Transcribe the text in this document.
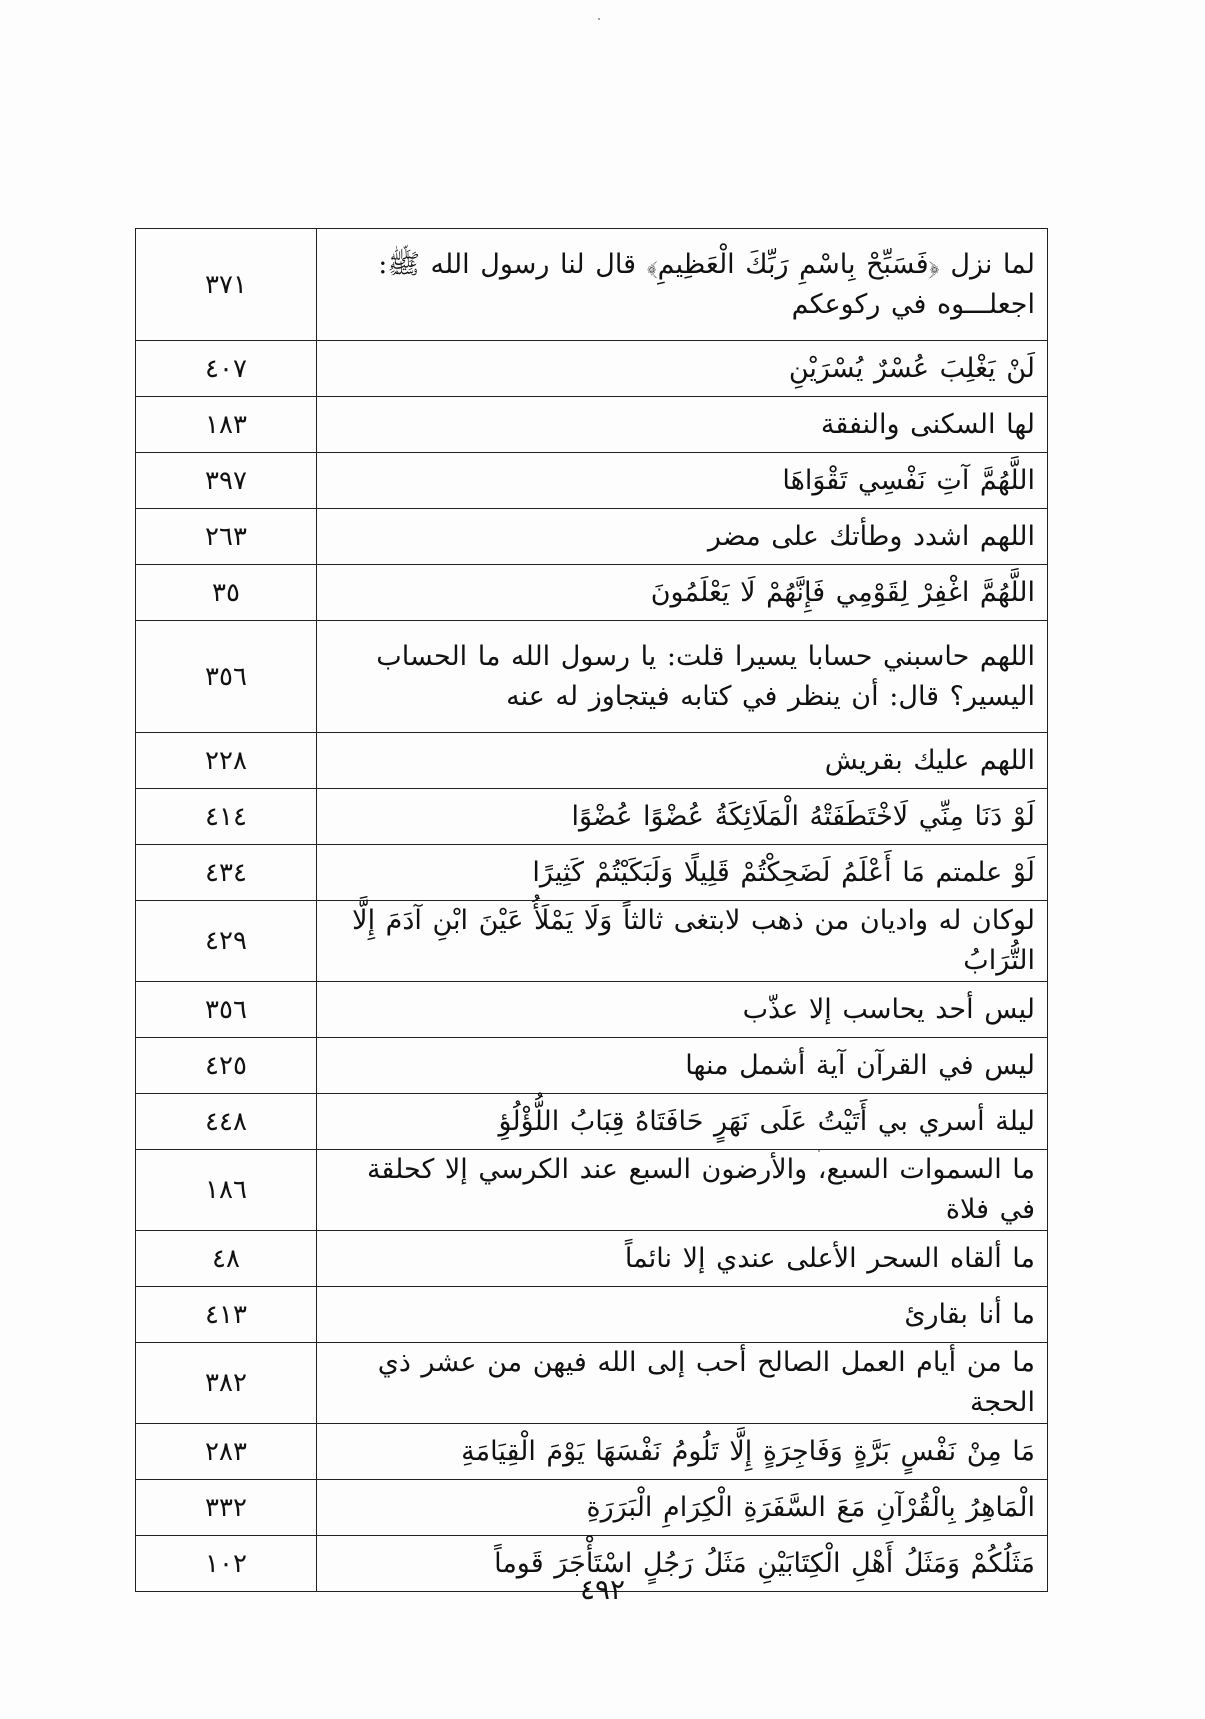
لما نزل ﴿فَسَبِّحْ بِاسْمِ رَبِّكَ الْعَظِيمِ﴾ قال لنا رسول الله ﷺ: اجعلـــوه في ركوعكم	٣٧١
لَنْ يَغْلِبَ عُسْرٌ يُسْرَيْنِ	٤٠٧
لها السكنى والنفقة	١٨٣
اللَّهُمَّ آتِ نَفْسِي تَقْوَاهَا	٣٩٧
اللهم اشدد وطأتك على مضر	٢٦٣
اللَّهُمَّ اغْفِرْ لِقَوْمِي فَإِنَّهُمْ لَا يَعْلَمُونَ	٣٥
اللهم حاسبني حسابا يسيرا قلت: يا رسول الله ما الحساب اليسير؟ قال: أن ينظر في كتابه فيتجاوز له عنه	٣٥٦
اللهم عليك بقريش	٢٢٨
لَوْ دَنَا مِنِّي لَاخْتَطَفَتْهُ الْمَلَائِكَةُ عُضْوًا عُضْوًا	٤١٤
لَوْ علمتم مَا أَعْلَمُ لَضَحِكْتُمْ قَلِيلًا وَلَبَكَيْتُمْ كَثِيرًا	٤٣٤
لوكان له واديان من ذهب لابتغى ثالثاً وَلَا يَمْلَأُ عَيْنَ ابْنِ آدَمَ إِلَّا التُّرَابُ	٤٢٩
ليس أحد يحاسب إلا عذّب	٣٥٦
ليس في القرآن آية أشمل منها	٤٢٥
ليلة أسري بي أَتَيْتُ عَلَى نَهَرٍ حَافَتَاهُ قِبَابُ اللُّؤْلُؤِ	٤٤٨
ما السموات السبع، والأرضون السبع عند الكرسي إلا كحلقة في فلاة	١٨٦
ما ألقاه السحر الأعلى عندي إلا نائماً	٤٨
ما أنا بقارئ	٤١٣
ما من أيام العمل الصالح أحب إلى الله فيهن من عشر ذي الحجة	٣٨٢
مَا مِنْ نَفْسٍ بَرَّةٍ وَفَاجِرَةٍ إِلَّا تَلُومُ نَفْسَهَا يَوْمَ الْقِيَامَةِ	٢٨٣
الْمَاهِرُ بِالْقُرْآنِ مَعَ السَّفَرَةِ الْكِرَامِ الْبَرَرَةِ	٣٣٢
مَثَلُكُمْ وَمَثَلُ أَهْلِ الْكِتَابَيْنِ مَثَلُ رَجُلٍ اسْتَأْجَرَ قَوماً	١٠٢
٤٩٢
